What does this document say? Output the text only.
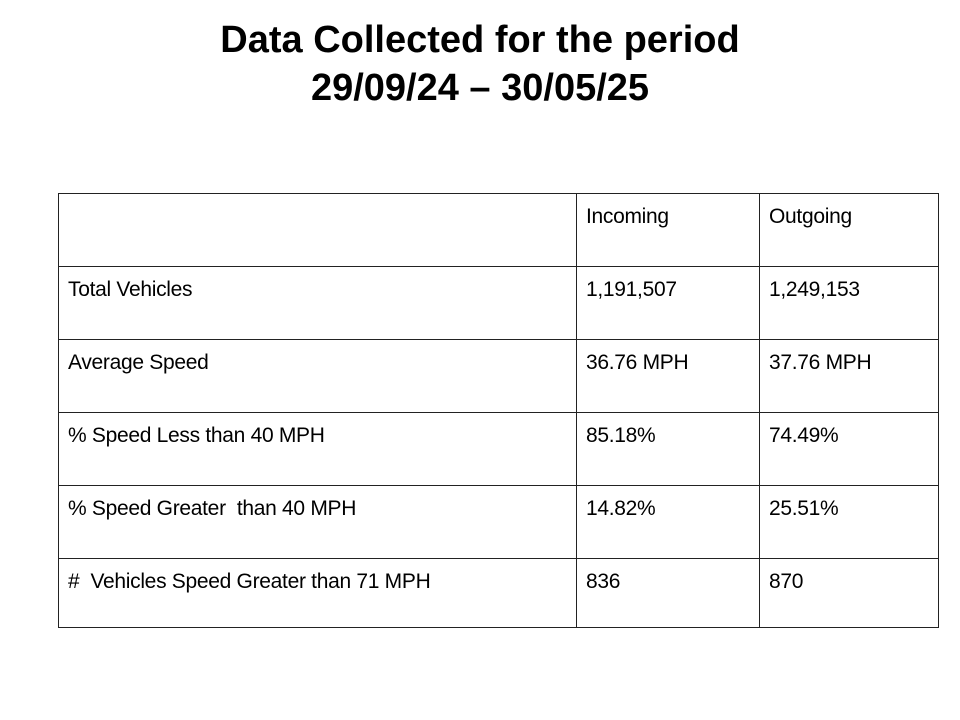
Data Collected for the period
29/09/24 – 30/05/25
	Incoming	Outgoing
Total Vehicles	1,191,507	1,249,153
Average Speed	36.76 MPH	37.76 MPH
% Speed Less than 40 MPH	85.18%	74.49%
% Speed Greater  than 40 MPH	14.82%	25.51%
#  Vehicles Speed Greater than 71 MPH	836	870
